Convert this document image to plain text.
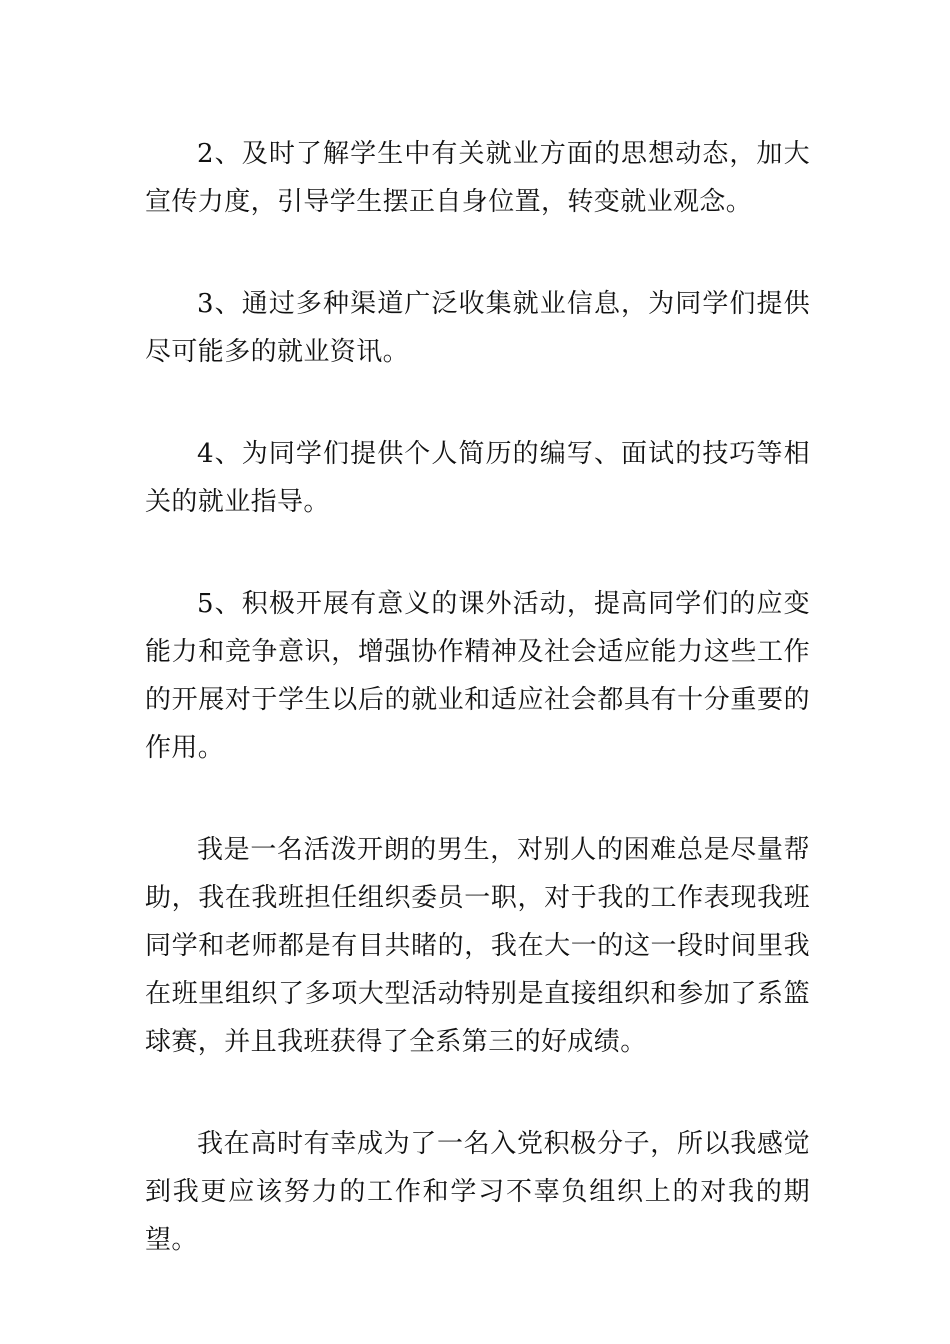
2、及时了解学生中有关就业方面的思想动态，加大宣传力度，引导学生摆正自身位置，转变就业观念。

3、通过多种渠道广泛收集就业信息，为同学们提供尽可能多的就业资讯。

4、为同学们提供个人简历的编写、面试的技巧等相关的就业指导。

5、积极开展有意义的课外活动，提高同学们的应变能力和竞争意识，增强协作精神及社会适应能力这些工作的开展对于学生以后的就业和适应社会都具有十分重要的作用。

我是一名活泼开朗的男生，对别人的困难总是尽量帮助，我在我班担任组织委员一职，对于我的工作表现我班同学和老师都是有目共睹的，我在大一的这一段时间里我在班里组织了多项大型活动特别是直接组织和参加了系篮球赛，并且我班获得了全系第三的好成绩。

我在高时有幸成为了一名入党积极分子，所以我感觉到我更应该努力的工作和学习不辜负组织上的对我的期望。
